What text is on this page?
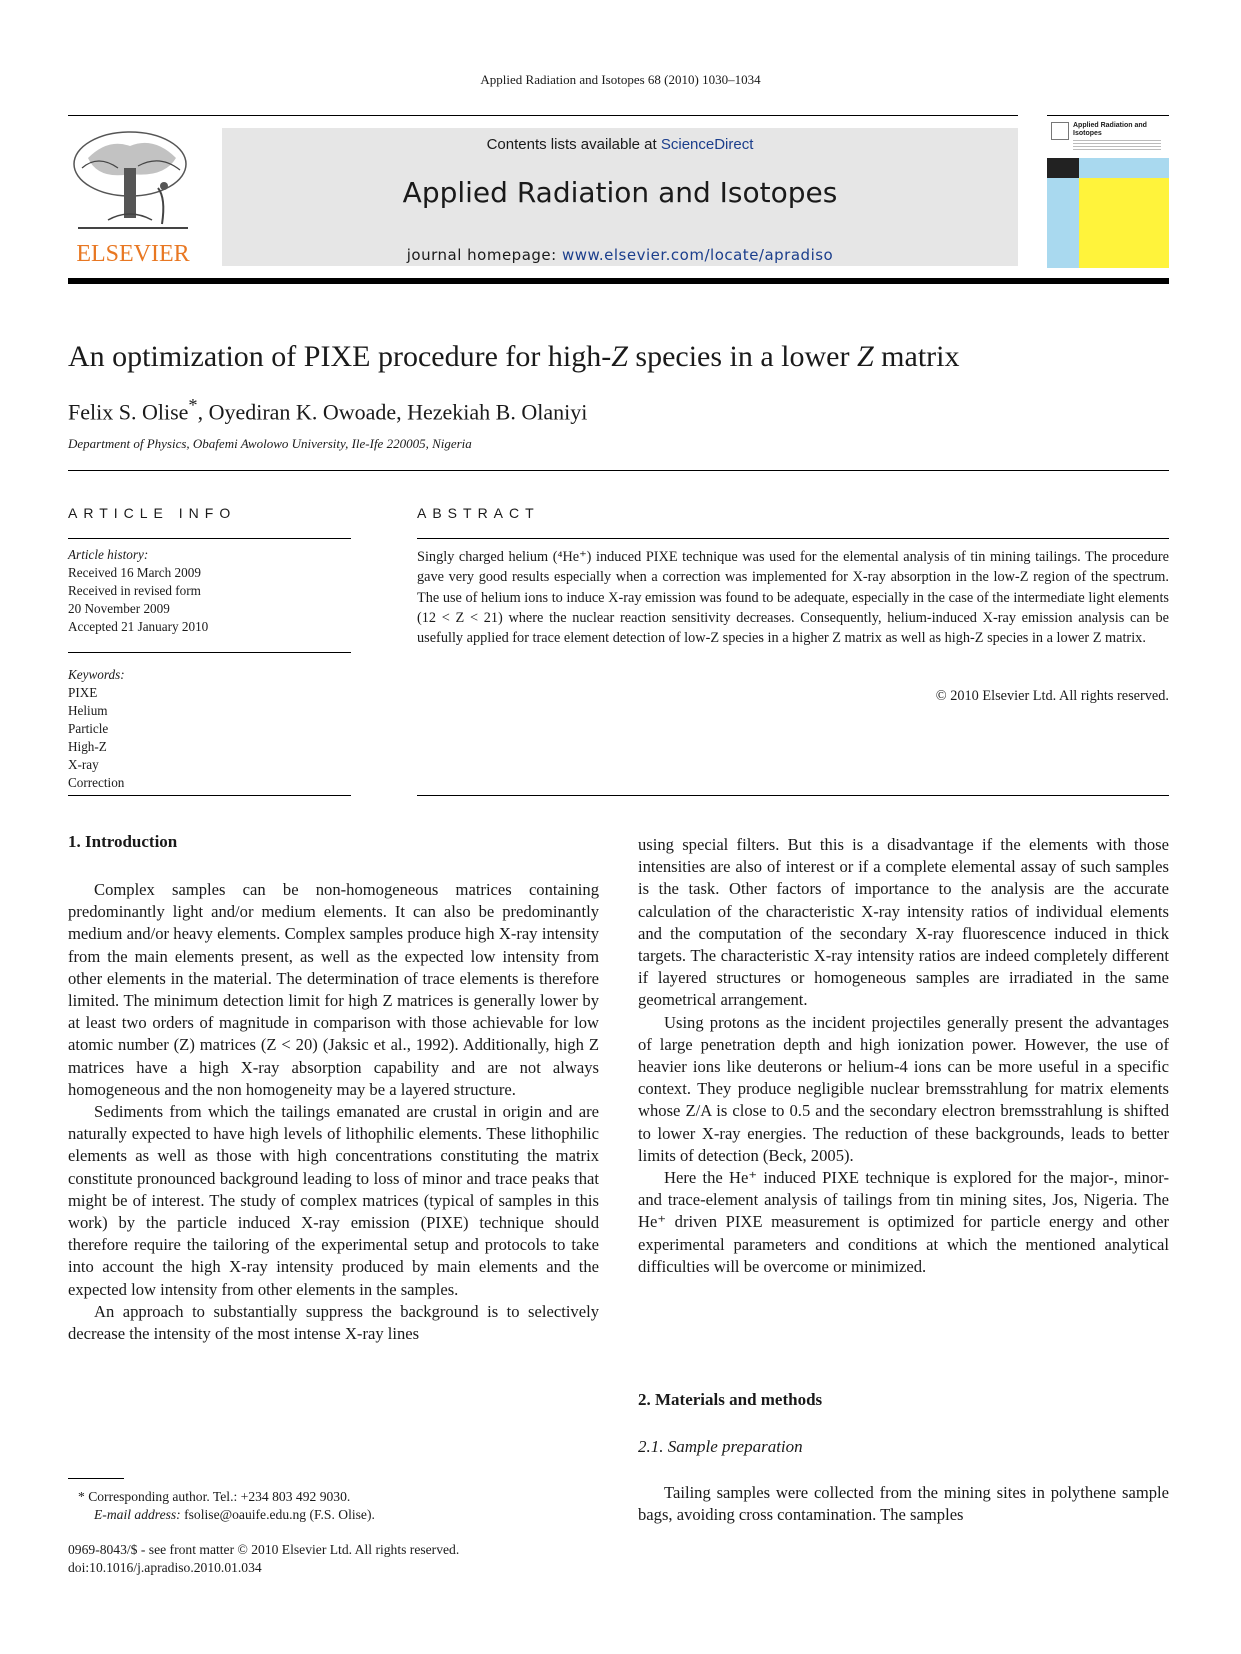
Applied Radiation and Isotopes 68 (2010) 1030–1034
ELSEVIER
Contents lists available at ScienceDirect
Applied Radiation and Isotopes
journal homepage: www.elsevier.com/locate/apradiso
Applied Radiation and Isotopes
An optimization of PIXE procedure for high-Z species in a lower Z matrix
Felix S. Olise*, Oyediran K. Owoade, Hezekiah B. Olaniyi
Department of Physics, Obafemi Awolowo University, Ile-Ife 220005, Nigeria
ARTICLE INFO
Article history:
Received 16 March 2009
Received in revised form
20 November 2009
Accepted 21 January 2010
Keywords:
PIXE
Helium
Particle
High-Z
X-ray
Correction
ABSTRACT
Singly charged helium (⁴He⁺) induced PIXE technique was used for the elemental analysis of tin mining tailings. The procedure gave very good results especially when a correction was implemented for X-ray absorption in the low-Z region of the spectrum. The use of helium ions to induce X-ray emission was found to be adequate, especially in the case of the intermediate light elements (12 < Z < 21) where the nuclear reaction sensitivity decreases. Consequently, helium-induced X-ray emission analysis can be usefully applied for trace element detection of low-Z species in a higher Z matrix as well as high-Z species in a lower Z matrix.
© 2010 Elsevier Ltd. All rights reserved.
1. Introduction

Complex samples can be non-homogeneous matrices containing predominantly light and/or medium elements. It can also be predominantly medium and/or heavy elements. Complex samples produce high X-ray intensity from the main elements present, as well as the expected low intensity from other elements in the material. The determination of trace elements is therefore limited. The minimum detection limit for high Z matrices is generally lower by at least two orders of magnitude in comparison with those achievable for low atomic number (Z) matrices (Z < 20) (Jaksic et al., 1992). Additionally, high Z matrices have a high X-ray absorption capability and are not always homogeneous and the non homogeneity may be a layered structure.

Sediments from which the tailings emanated are crustal in origin and are naturally expected to have high levels of lithophilic elements. These lithophilic elements as well as those with high concentrations constituting the matrix constitute pronounced background leading to loss of minor and trace peaks that might be of interest. The study of complex matrices (typical of samples in this work) by the particle induced X-ray emission (PIXE) technique should therefore require the tailoring of the experimental setup and protocols to take into account the high X-ray intensity produced by main elements and the expected low intensity from other elements in the samples.

An approach to substantially suppress the background is to selectively decrease the intensity of the most intense X-ray lines

using special filters. But this is a disadvantage if the elements with those intensities are also of interest or if a complete elemental assay of such samples is the task. Other factors of importance to the analysis are the accurate calculation of the characteristic X-ray intensity ratios of individual elements and the computation of the secondary X-ray fluorescence induced in thick targets. The characteristic X-ray intensity ratios are indeed completely different if layered structures or homogeneous samples are irradiated in the same geometrical arrangement.

Using protons as the incident projectiles generally present the advantages of large penetration depth and high ionization power. However, the use of heavier ions like deuterons or helium-4 ions can be more useful in a specific context. They produce negligible nuclear bremsstrahlung for matrix elements whose Z/A is close to 0.5 and the secondary electron bremsstrahlung is shifted to lower X-ray energies. The reduction of these backgrounds, leads to better limits of detection (Beck, 2005).

Here the He⁺ induced PIXE technique is explored for the major-, minor- and trace-element analysis of tailings from tin mining sites, Jos, Nigeria. The He⁺ driven PIXE measurement is optimized for particle energy and other experimental parameters and conditions at which the mentioned analytical difficulties will be overcome or minimized.

2. Materials and methods
2.1. Sample preparation

Tailing samples were collected from the mining sites in polythene sample bags, avoiding cross contamination. The samples

* Corresponding author. Tel.: +234 803 492 9030.
E-mail address: fsolise@oauife.edu.ng (F.S. Olise).
0969-8043/$ - see front matter © 2010 Elsevier Ltd. All rights reserved.
doi:10.1016/j.apradiso.2010.01.034
